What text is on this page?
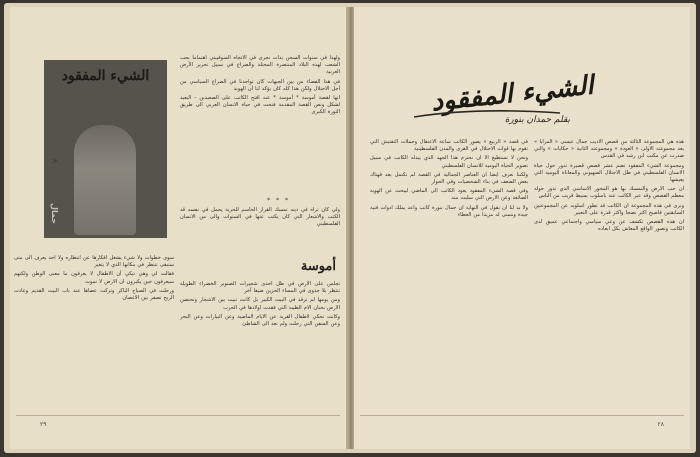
الشيء المفقود
ﺟ
جمال

ولهذا في سنوات السجن بدأت تجرى في الاتجاه السوفييتي اهتماما بحب الشعب لهذه البلاد المنتصرة المحتلة والصراع في سبيل تحرير الأرض العربية

في هذا الفضاء من بين الجبهات كان تواجدنا في الصراع السياسي من أجل الاحتلال ولكن هذا كله كان يؤكد لنا أن الهوية

انها لقصة أموسة * أموسة * عنه افتح الكاتب على الصعيدين - البعيد لشكل ونص القصة المقدمة فتحت في حياة الانسان العربي الى طريق الثورة الكبرى

* * *

ولي كان تراه في دينه تمسك القرار الحاسم للحرية يحمل في نفسه قد الكتب والاشعار التي كان يكتب عنها في السنوات والى من الانسان الفلسطيني

أموسة

تجلس على الارض في ظل احدى شجيرات الصنوبر الخضراء الطويلة تنتظر بلا جدوى في المساء الحزين ضيفا آخر

ومن يومها لم ترقد في البيت الكبير بل كانت تبيت بين الاشجار وتحتضن الارض بحنان الام الطيبة التي فقدت اولادها في الحرب

وكانت تحكي لاطفال القرية عن الايام الماضية وعن البيارات وعن البحر وعن السفن التي رحلت ولم تعد الى الشاطئ

سوى خطوات ولا شيء يشغل افكارها عن انتظاره ولا احد يعرف الى متى ستبقى تنتظر في مكانها الذي لا يتغير

فقالت لي وهي تبكي أن الاطفال لا يعرفون ما معنى الوطن ولكنهم سيعرفون حين يكبرون ان الارض لا تموت

ورحلت في الصباح الباكر وتركت عصاها عند باب البيت القديم وعادت الريح تصفر بين الاغصان

٢٩
الشيء المفقود
بقلم حمدان بنورة

هذه هي المجموعة الثالثة من قصص الاديب جمال عيسى « المرايا » بعد مجموعته الاولى « العودة » ومجموعته الثانية « حكايات » والتي صدرت عن مكتب ابن رشد في القدس

ومجموعة الشيء المفقود تضم عشر قصص قصيرة تدور حول حياة الانسان الفلسطيني في ظل الاحتلال الصهيوني والمعاناة اليومية التي يعيشها

ان حب الارض والتمسك بها هو المحور الاساسي الذي تدور حوله معظم القصص وقد عبر الكاتب عنه باسلوب بسيط قريب من الناس

ونرى في هذه المجموعة ان الكاتب قد تطور اسلوبه عن المجموعتين السابقتين فاصبح اكثر نضجا واكثر قدرة على التعبير

ان هذه القصص تكشف عن وعي سياسي واجتماعي عميق لدى الكاتب وتصور الواقع المعاش بكل ابعاده

في قصة « الربيع » يصور الكاتب ساعة الاعتقال وحملات التفتيش التي تقوم بها قوات الاحتلال في القرى والمدن الفلسطينية

ونحن لا نستطيع الا ان نحترم هذا الجهد الذي يبذله الكاتب في سبيل تصوير الحياة اليومية للانسان الفلسطيني

ولكننا نعرف ايضا ان العناصر الجمالية في القصة لم تكتمل بعد فهناك بعض الضعف في بناء الشخصيات وفي الحوار

وفي قصة الشيء المفقود يعود الكاتب الى الماضي ليبحث عن الهوية الضائعة وعن الارض التي سلبت منه

ولا بد لنا ان نقول في النهاية ان جمال بنورة كاتب واعد يملك ادوات فنية جيدة ونتمنى له مزيدا من العطاء

٢٨
